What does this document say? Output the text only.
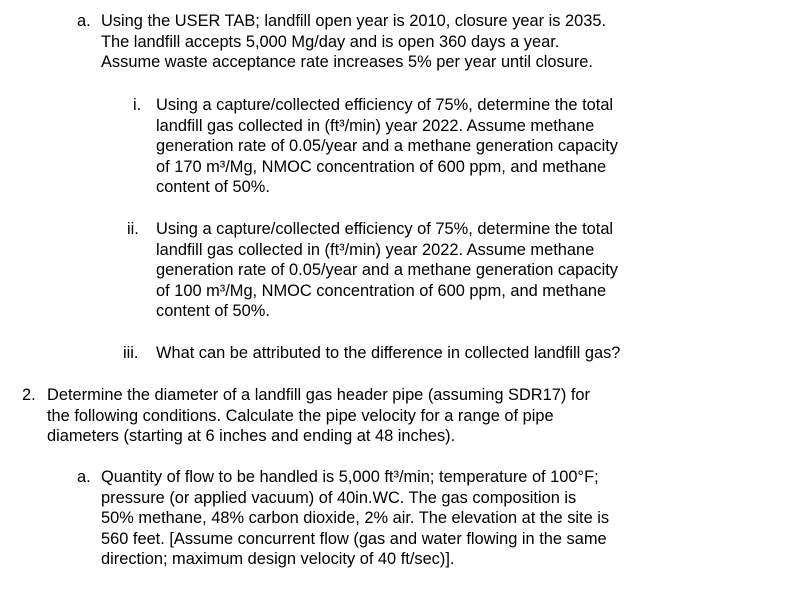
a. Using the USER TAB; landfill open year is 2010, closure year is 2035.
The landfill accepts 5,000 Mg/day and is open 360 days a year.
Assume waste acceptance rate increases 5% per year until closure.
i. Using a capture/collected efficiency of 75%, determine the total
landfill gas collected in (ft³/min) year 2022. Assume methane
generation rate of 0.05/year and a methane generation capacity
of 170 m³/Mg, NMOC concentration of 600 ppm, and methane
content of 50%.
ii. Using a capture/collected efficiency of 75%, determine the total
landfill gas collected in (ft³/min) year 2022. Assume methane
generation rate of 0.05/year and a methane generation capacity
of 100 m³/Mg, NMOC concentration of 600 ppm, and methane
content of 50%.
iii. What can be attributed to the difference in collected landfill gas?
2. Determine the diameter of a landfill gas header pipe (assuming SDR17) for
the following conditions. Calculate the pipe velocity for a range of pipe
diameters (starting at 6 inches and ending at 48 inches).
a. Quantity of flow to be handled is 5,000 ft³/min; temperature of 100°F;
pressure (or applied vacuum) of 40in.WC. The gas composition is
50% methane, 48% carbon dioxide, 2% air. The elevation at the site is
560 feet. [Assume concurrent flow (gas and water flowing in the same
direction; maximum design velocity of 40 ft/sec)].
